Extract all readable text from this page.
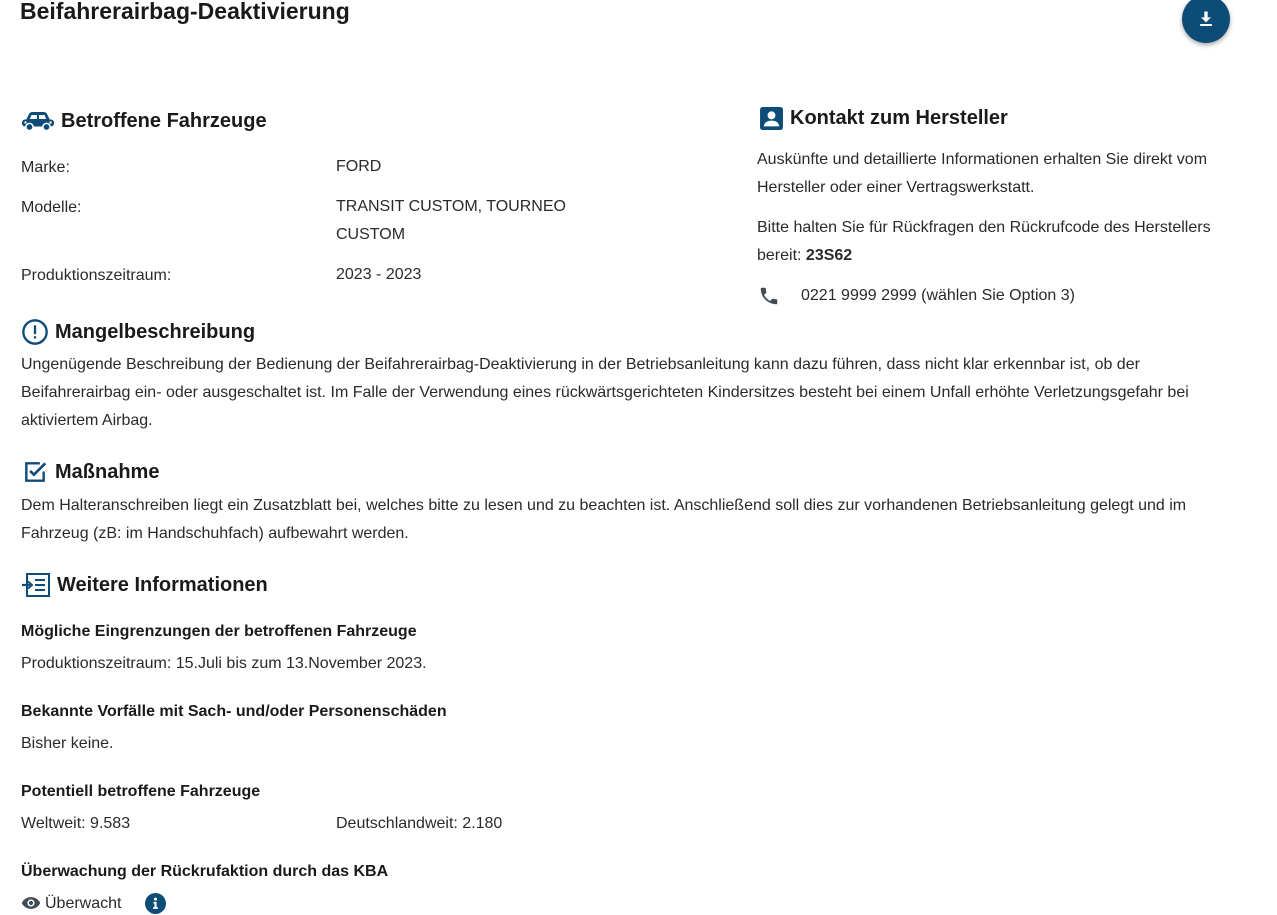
Beifahrerairbag-Deaktivierung
Betroffene Fahrzeuge
Marke:	FORD
Modelle:	TRANSIT CUSTOM, TOURNEO CUSTOM
Produktionszeitraum:	2023 - 2023
Kontakt zum Hersteller

Auskünfte und detaillierte Informationen erhalten Sie direkt vom Hersteller oder einer Vertragswerkstatt.

Bitte halten Sie für Rückfragen den Rückrufcode des Herstellers bereit: 23S62

0221 9999 2999 (wählen Sie Option 3)
Mangelbeschreibung

Ungenügende Beschreibung der Bedienung der Beifahrerairbag-Deaktivierung in der Betriebsanleitung kann dazu führen, dass nicht klar erkennbar ist, ob der Beifahrerairbag ein- oder ausgeschaltet ist. Im Falle der Verwendung eines rückwärtsgerichteten Kindersitzes besteht bei einem Unfall erhöhte Verletzungsgefahr bei aktiviertem Airbag.

Maßnahme

Dem Halteranschreiben liegt ein Zusatzblatt bei, welches bitte zu lesen und zu beachten ist. Anschließend soll dies zur vorhandenen Betriebsanleitung gelegt und im Fahrzeug (zB: im Handschuhfach) aufbewahrt werden.

Weitere Informationen
Mögliche Eingrenzungen der betroffenen Fahrzeuge
Produktionszeitraum: 15.Juli bis zum 13.November 2023.
Bekannte Vorfälle mit Sach- und/oder Personenschäden
Bisher keine.
Potentiell betroffene Fahrzeuge
Weltweit: 9.583	Deutschlandweit: 2.180
Überwachung der Rückrufaktion durch das KBA
Überwacht
